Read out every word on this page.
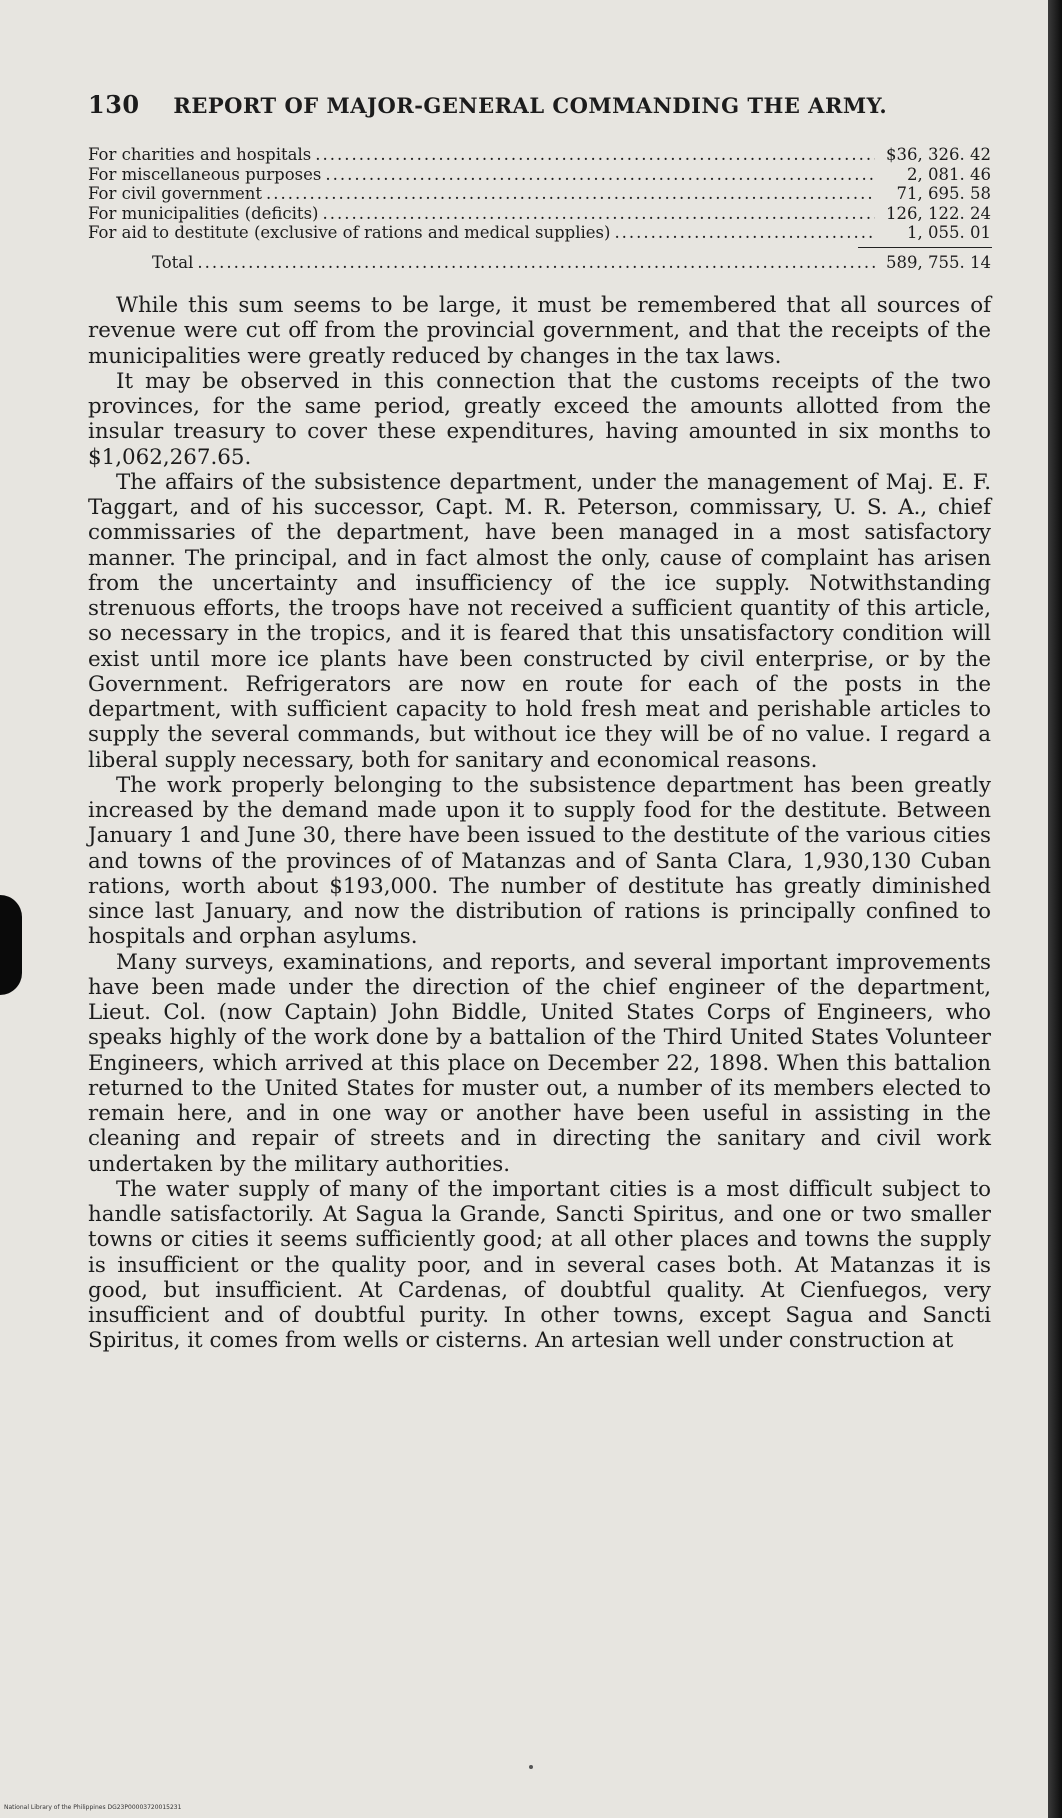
130 REPORT OF MAJOR-GENERAL COMMANDING THE ARMY.
For charities and hospitals .....	$36, 326. 42
For miscellaneous purposes .....	2, 081. 46
For civil government .....	71, 695. 58
For municipalities (deficits) .....	126, 122. 24
For aid to destitute (exclusive of rations and medical supplies) .....	1, 055. 01
Total .....	589, 755. 14

While this sum seems to be large, it must be remembered that all sources of revenue were cut off from the provincial government, and that the receipts of the municipalities were greatly reduced by changes in the tax laws.

It may be observed in this connection that the customs receipts of the two provinces, for the same period, greatly exceed the amounts allotted from the insular treasury to cover these expenditures, having amounted in six months to $1,062,267.65.

The affairs of the subsistence department, under the management of Maj. E. F. Taggart, and of his successor, Capt. M. R. Peterson, commissary, U. S. A., chief commissaries of the department, have been managed in a most satisfactory manner. The principal, and in fact almost the only, cause of complaint has arisen from the uncertainty and insufficiency of the ice supply. Notwithstanding strenuous efforts, the troops have not received a sufficient quantity of this article, so necessary in the tropics, and it is feared that this unsatisfactory condition will exist until more ice plants have been constructed by civil enterprise, or by the Government. Refrigerators are now en route for each of the posts in the department, with sufficient capacity to hold fresh meat and perishable articles to supply the several commands, but without ice they will be of no value. I regard a liberal supply necessary, both for sanitary and economical reasons.

The work properly belonging to the subsistence department has been greatly increased by the demand made upon it to supply food for the destitute. Between January 1 and June 30, there have been issued to the destitute of the various cities and towns of the provinces of of Matanzas and of Santa Clara, 1,930,130 Cuban rations, worth about $193,000. The number of destitute has greatly diminished since last January, and now the distribution of rations is principally confined to hospitals and orphan asylums.

Many surveys, examinations, and reports, and several important improvements have been made under the direction of the chief engineer of the department, Lieut. Col. (now Captain) John Biddle, United States Corps of Engineers, who speaks highly of the work done by a battalion of the Third United States Volunteer Engineers, which arrived at this place on December 22, 1898. When this battalion returned to the United States for muster out, a number of its members elected to remain here, and in one way or another have been useful in assisting in the cleaning and repair of streets and in directing the sanitary and civil work undertaken by the military authorities.

The water supply of many of the important cities is a most difficult subject to handle satisfactorily. At Sagua la Grande, Sancti Spiritus, and one or two smaller towns or cities it seems sufficiently good; at all other places and towns the supply is insufficient or the quality poor, and in several cases both. At Matanzas it is good, but insufficient. At Cardenas, of doubtful quality. At Cienfuegos, very insufficient and of doubtful purity. In other towns, except Sagua and Sancti Spiritus, it comes from wells or cisterns. An artesian well under construction at

National Library of the Philippines DG23P00003720015231
